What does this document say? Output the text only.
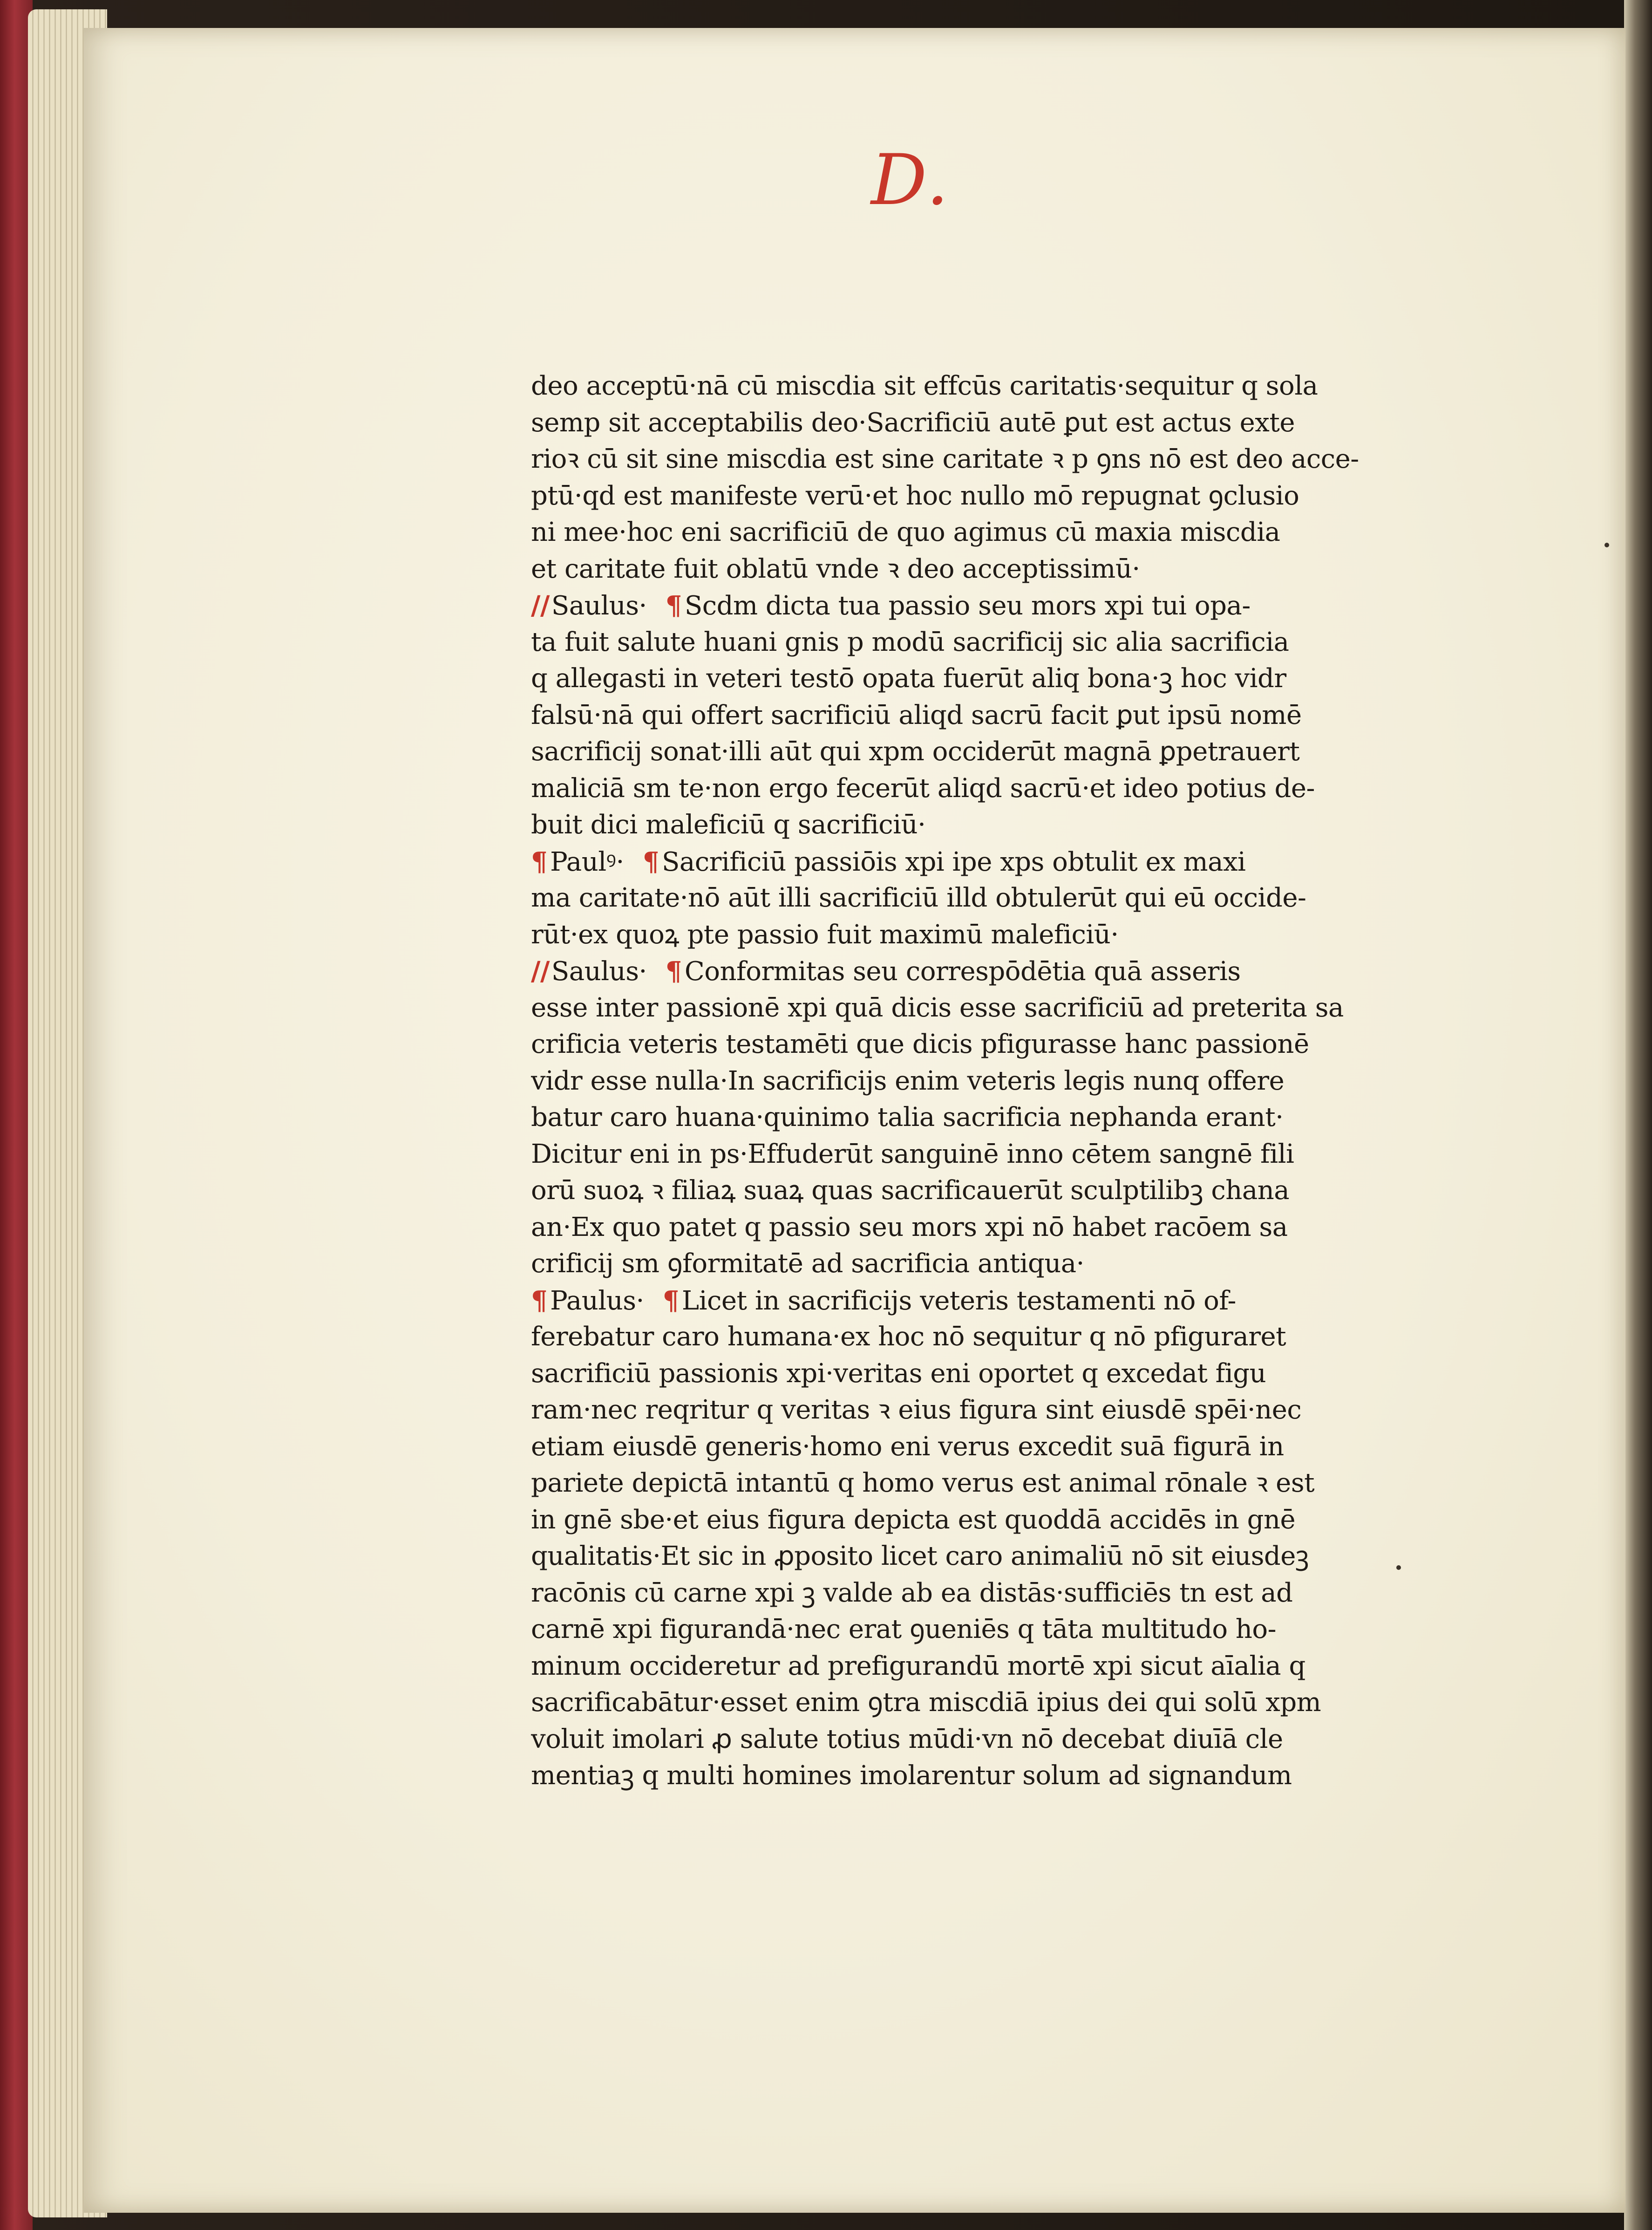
D.
deo acceptū·nā cū miscdia sit effcūs caritatis·sequitur q sola
semp sit acceptabilis deo·Sacrificiū autē ꝑut est actus exte
rioꝛ cū sit sine miscdia est sine caritate ꝛ p ꝯns nō est deo acce-
ptū·qd est manifeste verū·et hoc nullo mō repugnat ꝯclusio
ni mee·hoc eni sacrificiū de quo agimus cū maxia miscdia
et caritate fuit oblatū vnde ꝛ deo acceptissimū·
//Saulus· ¶ Scdm dicta tua passio seu mors xpi tui opa-
ta fuit salute huani gnis p modū sacrificij sic alia sacrificia
q allegasti in veteri testō opata fuerūt aliq bona·ꝫ hoc vidr
falsū·nā qui offert sacrificiū aliqd sacrū facit ꝑut ipsū nomē
sacrificij sonat·illi aūt qui xpm occiderūt magnā ꝑpetrauert
maliciā sm te·non ergo fecerūt aliqd sacrū·et ideo potius de-
buit dici maleficiū q sacrificiū·
¶ Paulꝰ· ¶ Sacrificiū passiōis xpi ipe xps obtulit ex maxi
ma caritate·nō aūt illi sacrificiū illd obtulerūt qui eū occide-
rūt·ex quoꝝ pte passio fuit maximū maleficiū·
//Saulus· ¶ Conformitas seu correspōdētia quā asseris
esse inter passionē xpi quā dicis esse sacrificiū ad preterita sa
crificia veteris testamēti que dicis pfigurasse hanc passionē
vidr esse nulla·In sacrificijs enim veteris legis nunq offere
batur caro huana·quinimo talia sacrificia nephanda erant·
Dicitur eni in ps·Effuderūt sanguinē inno cētem sangnē fili
orū suoꝝ ꝛ filiaꝝ suaꝝ quas sacrificauerūt sculptilibꝫ chana
an·Ex quo patet q passio seu mors xpi nō habet racōem sa
crificij sm ꝯformitatē ad sacrificia antiqua·
¶ Paulus· ¶ Licet in sacrificijs veteris testamenti nō of-
ferebatur caro humana·ex hoc nō sequitur q nō pfiguraret
sacrificiū passionis xpi·veritas eni oportet q excedat figu
ram·nec reqritur q veritas ꝛ eius figura sint eiusdē spēi·nec
etiam eiusdē generis·homo eni verus excedit suā figurā in
pariete depictā intantū q homo verus est animal rōnale ꝛ est
in gnē sbe·et eius figura depicta est quoddā accidēs in gnē
qualitatis·Et sic in ꝓposito licet caro animaliū nō sit eiusdeꝫ
racōnis cū carne xpi ꝫ valde ab ea distās·sufficiēs tn est ad
carnē xpi figurandā·nec erat ꝯueniēs q tāta multitudo ho-
minum occideretur ad prefigurandū mortē xpi sicut aīalia q
sacrificabātur·esset enim ꝯtra miscdiā ipius dei qui solū xpm
voluit imolari ꝓ salute totius mūdi·vn nō decebat diuīā cle
mentiaꝫ q multi homines imolarentur solum ad signandum
